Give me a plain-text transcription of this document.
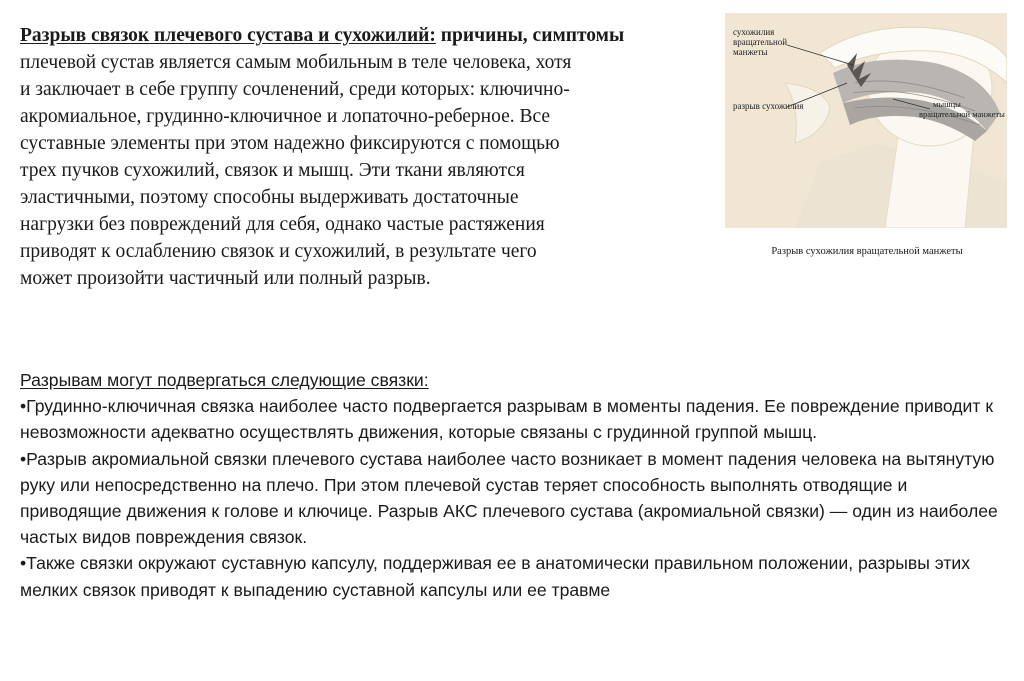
Разрыв связок плечевого сустава и сухожилий: причины, симптомы
плечевой сустав является самым мобильным в теле человека, хотя
и заключает в себе группу сочленений, среди которых: ключично-
акромиальное, грудинно-ключичное и лопаточно-реберное. Все
суставные элементы при этом надежно фиксируются с помощью
трех пучков сухожилий, связок и мышц. Эти ткани являются
эластичными, поэтому способны выдерживать достаточные
нагрузки без повреждений для себя, однако частые растяжения
приводят к ослаблению связок и сухожилий, в результате чего
может произойти частичный или полный разрыв.
сухожилия
вращательной
манжеты
разрыв сухожилия	мышцы
вращательной манжеты
Разрыв сухожилия вращательной манжеты
Разрывам могут подвергаться следующие связки:
•Грудинно-ключичная связка наиболее часто подвергается разрывам в моменты падения. Ее повреждение приводит к невозможности адекватно осуществлять движения, которые связаны с грудинной группой мышц.
•Разрыв акромиальной связки плечевого сустава наиболее часто возникает в момент падения человека на вытянутую руку или непосредственно на плечо. При этом плечевой сустав теряет способность выполнять отводящие и приводящие движения к голове и ключице. Разрыв АКС плечевого сустава (акромиальной связки) — один из наиболее частых видов повреждения связок.
•Также связки окружают суставную капсулу, поддерживая ее в анатомически правильном положении, разрывы этих мелких связок приводят к выпадению суставной капсулы или ее травме
